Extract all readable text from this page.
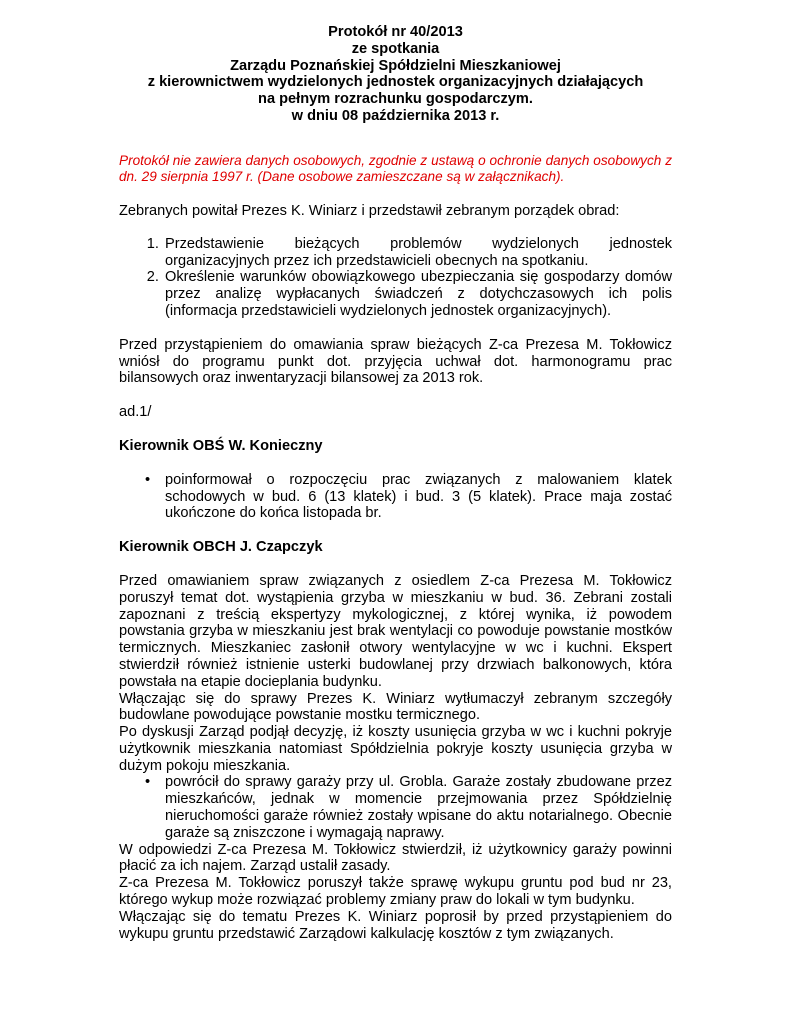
Protokół nr 40/2013
ze spotkania
Zarządu Poznańskiej Spółdzielni Mieszkaniowej
z kierownictwem wydzielonych jednostek organizacyjnych działających
na pełnym rozrachunku gospodarczym.
w dniu 08 października 2013 r.

Protokół nie zawiera danych osobowych, zgodnie z ustawą o ochronie danych osobowych z dn. 29 sierpnia 1997 r. (Dane osobowe zamieszczane są w załącznikach).

Zebranych powitał Prezes K. Winiarz i przedstawił zebranym porządek obrad:

1. Przedstawienie bieżących problemów wydzielonych jednostek organizacyjnych przez ich przedstawicieli obecnych na spotkaniu.
2. Określenie warunków obowiązkowego ubezpieczania się gospodarzy domów przez analizę wypłacanych świadczeń z dotychczasowych ich polis (informacja przedstawicieli wydzielonych jednostek organizacyjnych).

Przed przystąpieniem do omawiania spraw bieżących Z-ca Prezesa M. Tokłowicz wniósł do programu punkt dot. przyjęcia uchwał dot. harmonogramu prac bilansowych oraz inwentaryzacji bilansowej za 2013 rok.

ad.1/

Kierownik OBŚ W. Konieczny

• poinformował o rozpoczęciu prac związanych z malowaniem klatek schodowych w bud. 6 (13 klatek) i bud. 3 (5 klatek). Prace maja zostać ukończone do końca listopada br.

Kierownik OBCH J. Czapczyk

Przed omawianiem spraw związanych z osiedlem Z-ca Prezesa M. Tokłowicz poruszył temat dot. wystąpienia grzyba w mieszkaniu w bud. 36. Zebrani zostali zapoznani z treścią ekspertyzy mykologicznej, z której wynika, iż powodem powstania grzyba w mieszkaniu jest brak wentylacji co powoduje powstanie mostków termicznych. Mieszkaniec zasłonił otwory wentylacyjne w wc i kuchni. Ekspert stwierdził również istnienie usterki budowlanej przy drzwiach balkonowych, która powstała na etapie docieplania budynku.

Włączając się do sprawy Prezes K. Winiarz wytłumaczył zebranym szczegóły budowlane powodujące powstanie mostku termicznego.

Po dyskusji Zarząd podjął decyzję, iż koszty usunięcia grzyba w wc i kuchni pokryje użytkownik mieszkania natomiast Spółdzielnia pokryje koszty usunięcia grzyba w dużym pokoju mieszkania.

• powrócił do sprawy garaży przy ul. Grobla. Garaże zostały zbudowane przez mieszkańców, jednak w momencie przejmowania przez Spółdzielnię nieruchomości garaże również zostały wpisane do aktu notarialnego. Obecnie garaże są zniszczone i wymagają naprawy.

W odpowiedzi Z-ca Prezesa M. Tokłowicz stwierdził, iż użytkownicy garaży powinni płacić za ich najem. Zarząd ustalił zasady.

Z-ca Prezesa M. Tokłowicz poruszył także sprawę wykupu gruntu pod bud nr 23, którego wykup może rozwiązać problemy zmiany praw do lokali w tym budynku.

Włączając się do tematu Prezes K. Winiarz poprosił by przed przystąpieniem do wykupu gruntu przedstawić Zarządowi kalkulację kosztów z tym związanych.
